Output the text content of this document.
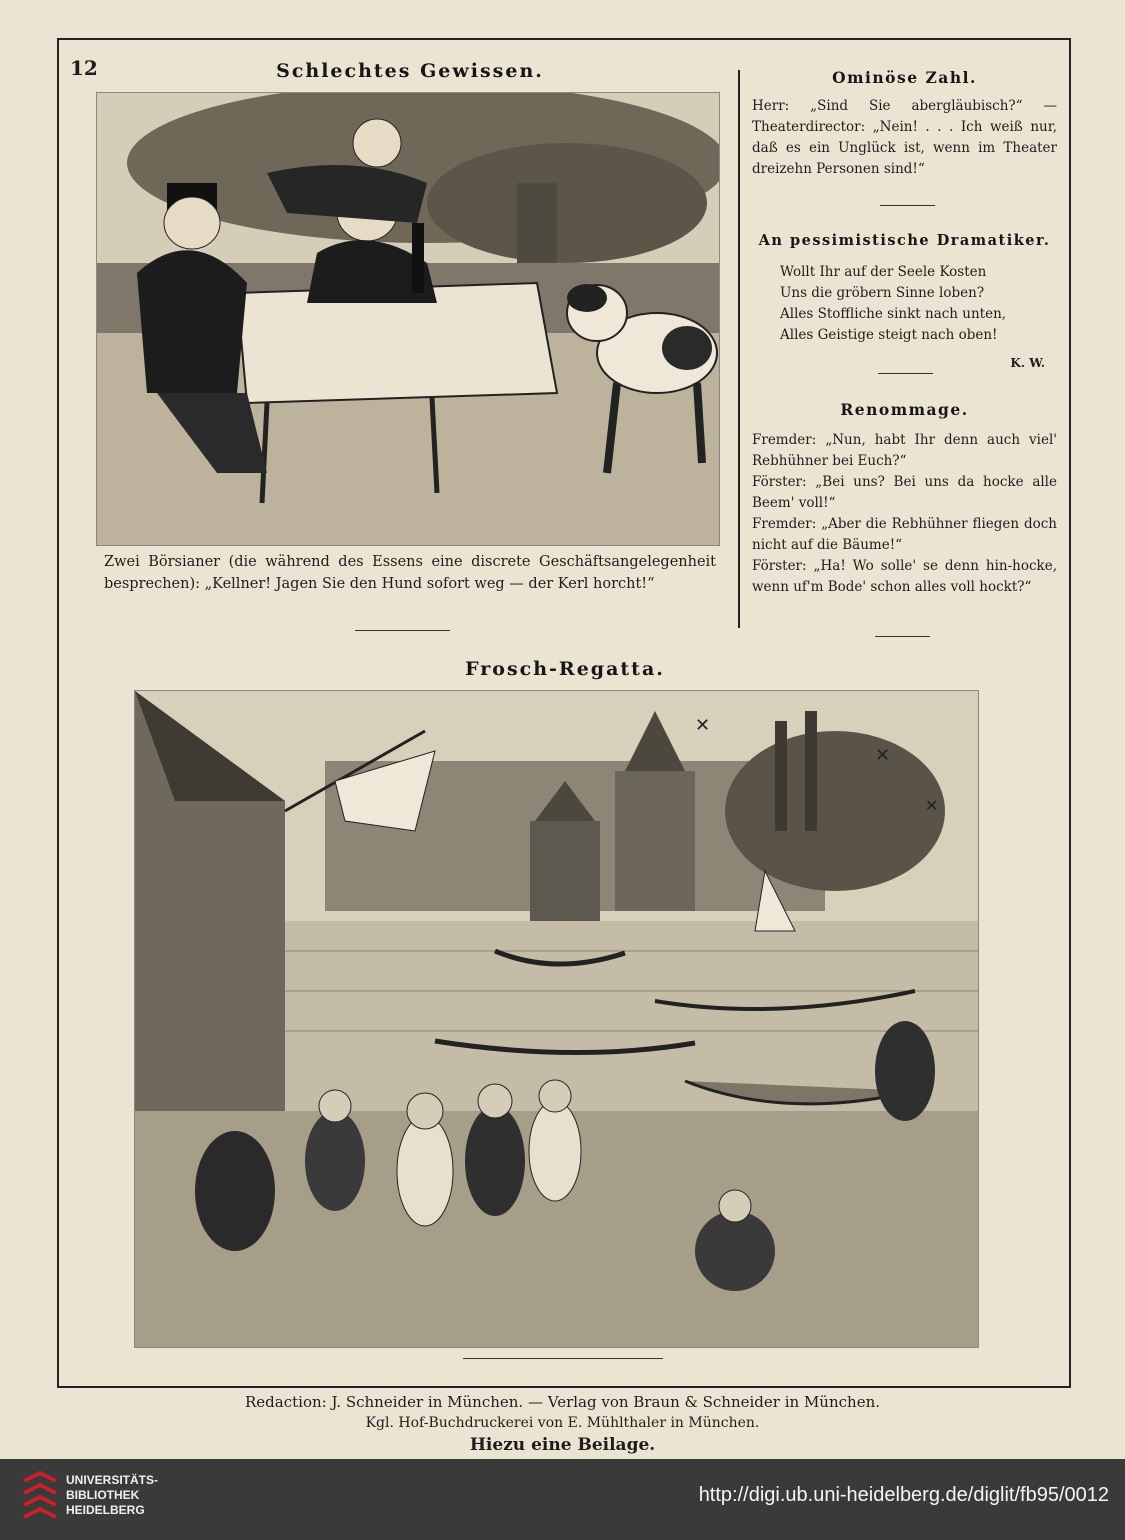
12	Schlechtes Gewissen.
Zwei Börsianer (die während des Essens eine discrete Geschäftsangelegenheit besprechen): „Kellner! Jagen Sie den Hund sofort weg — der Kerl horcht!“
Ominöse Zahl.
Herr: „Sind Sie abergläubisch?“ — Theaterdirector: „Nein! . . . Ich weiß nur, daß es ein Unglück ist, wenn im Theater dreizehn Personen sind!“
An pessimistische Dramatiker.
Wollt Ihr auf der Seele Kosten
Uns die gröbern Sinne loben?
Alles Stoffliche sinkt nach unten,
Alles Geistige steigt nach oben!
K. W.
Renommage.
Fremder: „Nun, habt Ihr denn auch viel' Rebhühner bei Euch?“
Förster: „Bei uns? Bei uns da hocke alle Beem' voll!“
Fremder: „Aber die Rebhühner fliegen doch nicht auf die Bäume!“
Förster: „Ha! Wo solle' se denn hin-hocke, wenn uf'm Bode' schon alles voll hockt?“
Frosch-Regatta.
✕
✕
✕
Redaction: J. Schneider in München. — Verlag von Braun & Schneider in München.
Kgl. Hof-Buchdruckerei von E. Mühlthaler in München.
Hiezu eine Beilage.
UNIVERSITÄTS-
BIBLIOTHEK
HEIDELBERG
http://digi.ub.uni-heidelberg.de/diglit/fb95/0012
